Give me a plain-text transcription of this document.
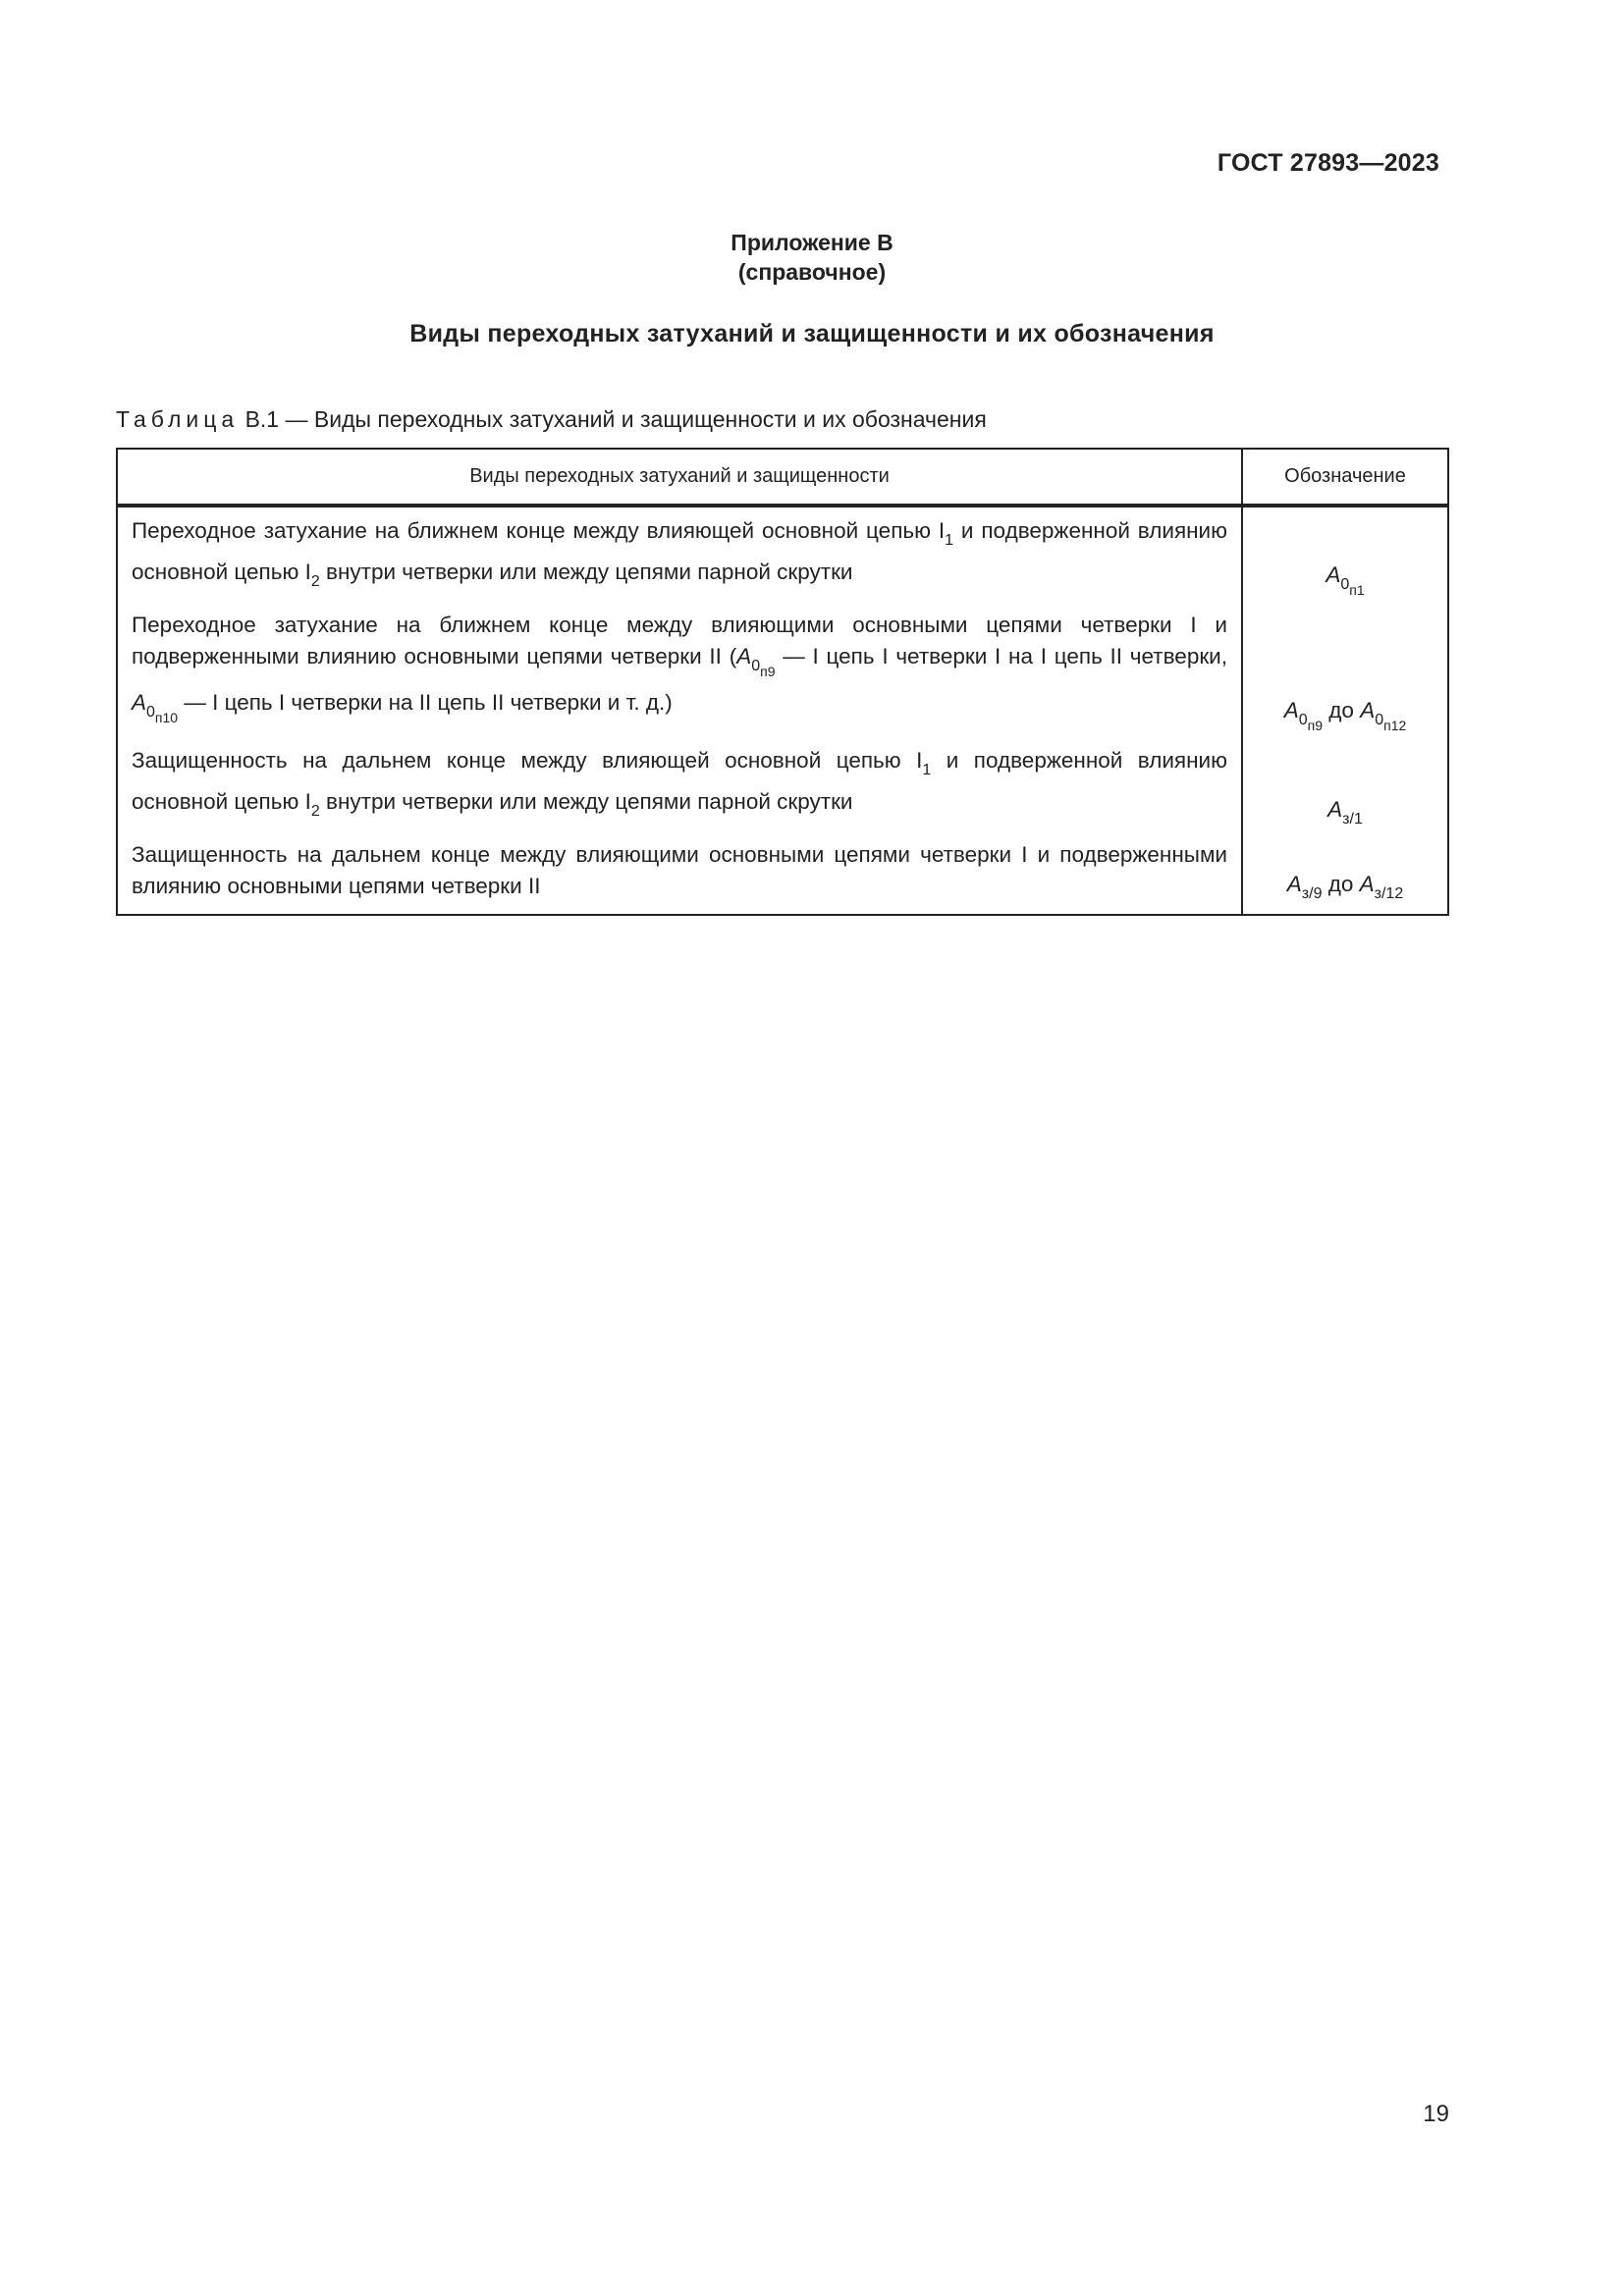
ГОСТ 27893—2023
Приложение В
(справочное)
Виды переходных затуханий и защищенности и их обозначения
Таблица В.1 — Виды переходных затуханий и защищенности и их обозначения
Виды переходных затуханий и защищенности	Обозначение
Переходное затухание на ближнем конце между влияющей основной цепью $I_1$ и подверженной влиянию основной цепью $I_2$ внутри четверки или между цепями парной скрутки	$A_{0п1}$
Переходное затухание на ближнем конце между влияющими основными цепями четверки I и подверженными влиянию основными цепями четверки II ($A_{0п9}$ — I цепь I четверки I на I цепь II четверки, $A_{0п10}$ — I цепь I четверки на II цепь II четверки и т. д.)	$A_{0п9}$ до $A_{0п12}$
Защищенность на дальнем конце между влияющей основной цепью $I_1$ и подверженной влиянию основной цепью $I_2$ внутри четверки или между цепями парной скрутки	$A_{з/1}$
Защищенность на дальнем конце между влияющими основными цепями четверки I и подверженными влиянию основными цепями четверки II	$A_{з/9}$ до $A_{з/12}$
19
